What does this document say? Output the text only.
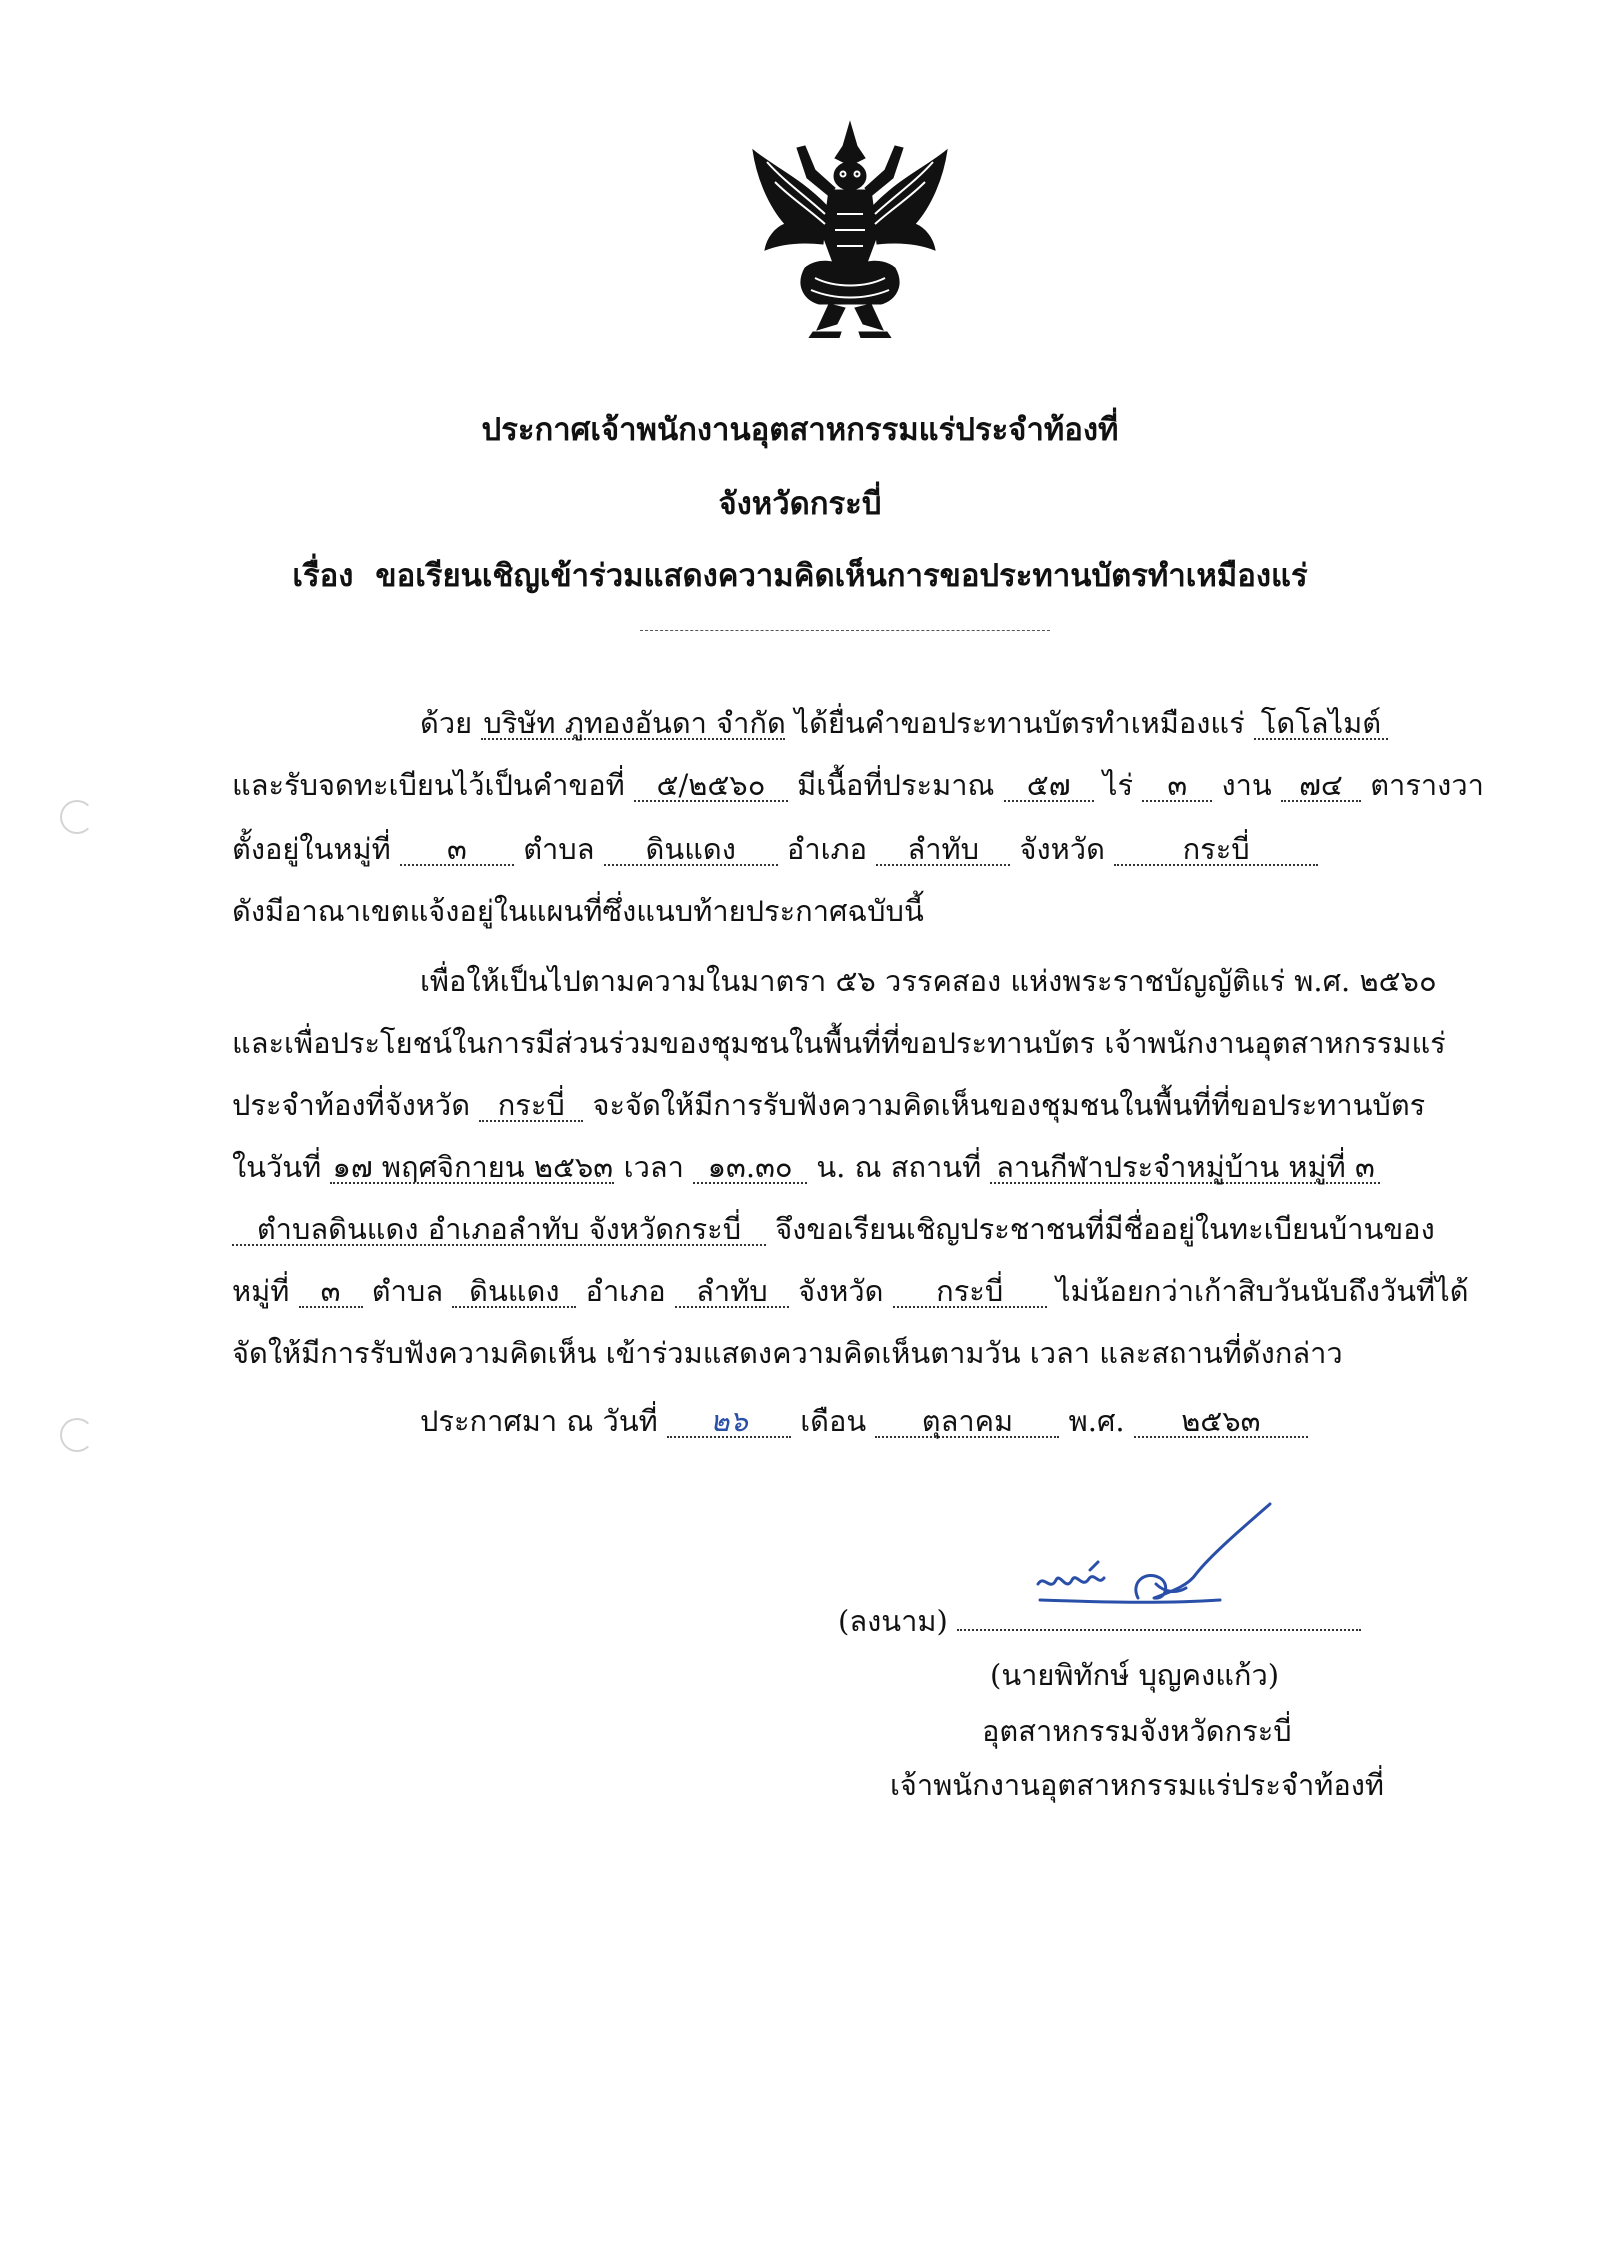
ประกาศเจ้าพนักงานอุตสาหกรรมแร่ประจำท้องที่
จังหวัดกระบี่
เรื่อง ขอเรียนเชิญเข้าร่วมแสดงความคิดเห็นการขอประทานบัตรทำเหมืองแร่
ด้วย บริษัท ภูทองอันดา จำกัด ได้ยื่นคำขอประทานบัตรทำเหมืองแร่ โดโลไมต์
และรับจดทะเบียนไว้เป็นคำขอที่ ๕/๒๕๖๐ มีเนื้อที่ประมาณ ๕๗ ไร่ ๓ งาน ๗๔ ตารางวา
ตั้งอยู่ในหมู่ที่ ๓ ตำบล ดินแดง อำเภอ ลำทับ จังหวัด	กระบี่
ดังมีอาณาเขตแจ้งอยู่ในแผนที่ซึ่งแนบท้ายประกาศฉบับนี้
เพื่อให้เป็นไปตามความในมาตรา ๕๖ วรรคสอง แห่งพระราชบัญญัติแร่ พ.ศ. ๒๕๖๐
และเพื่อประโยชน์ในการมีส่วนร่วมของชุมชนในพื้นที่ที่ขอประทานบัตร เจ้าพนักงานอุตสาหกรรมแร่
ประจำท้องที่จังหวัด กระบี่ จะจัดให้มีการรับฟังความคิดเห็นของชุมชนในพื้นที่ที่ขอประทานบัตร
ในวันที่ ๑๗ พฤศจิกายน ๒๕๖๓ เวลา ๑๓.๓๐ น. ณ สถานที่ ลานกีฬาประจำหมู่บ้าน หมู่ที่ ๓
ตำบลดินแดง อำเภอลำทับ จังหวัดกระบี่ จึงขอเรียนเชิญประชาชนที่มีชื่ออยู่ในทะเบียนบ้านของ
หมู่ที่ ๓ ตำบล ดินแดง อำเภอ ลำทับ จังหวัด กระบี่ ไม่น้อยกว่าเก้าสิบวันนับถึงวันที่ได้
จัดให้มีการรับฟังความคิดเห็น เข้าร่วมแสดงความคิดเห็นตามวัน เวลา และสถานที่ดังกล่าว
ประกาศมา ณ วันที่ ๒๖ เดือน ตุลาคม พ.ศ. ๒๕๖๓
(ลงนาม)
(นายพิทักษ์ บุญคงแก้ว)
อุตสาหกรรมจังหวัดกระบี่
เจ้าพนักงานอุตสาหกรรมแร่ประจำท้องที่
